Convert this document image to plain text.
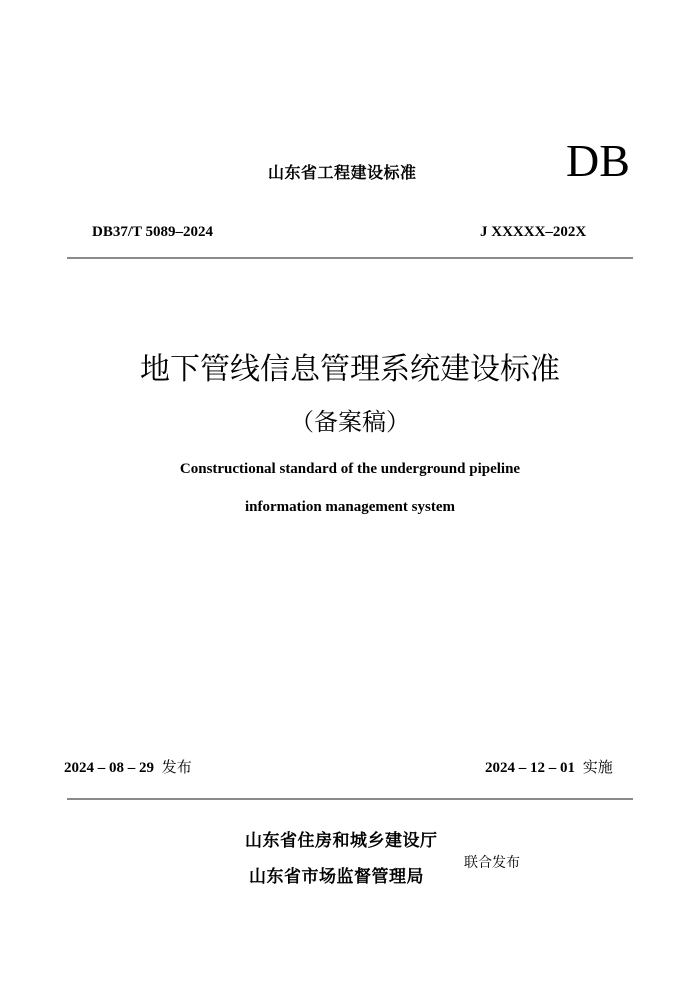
山东省工程建设标准	DB
DB37/T 5089–2024	J XXXXX–202X
地下管线信息管理系统建设标准
（备案稿）
Constructional standard of the underground pipeline
information management system
2024 – 08 – 29 发布	2024 – 12 – 01 实施
山东省住房和城乡建设厅
山东省市场监督管理局
联合发布
